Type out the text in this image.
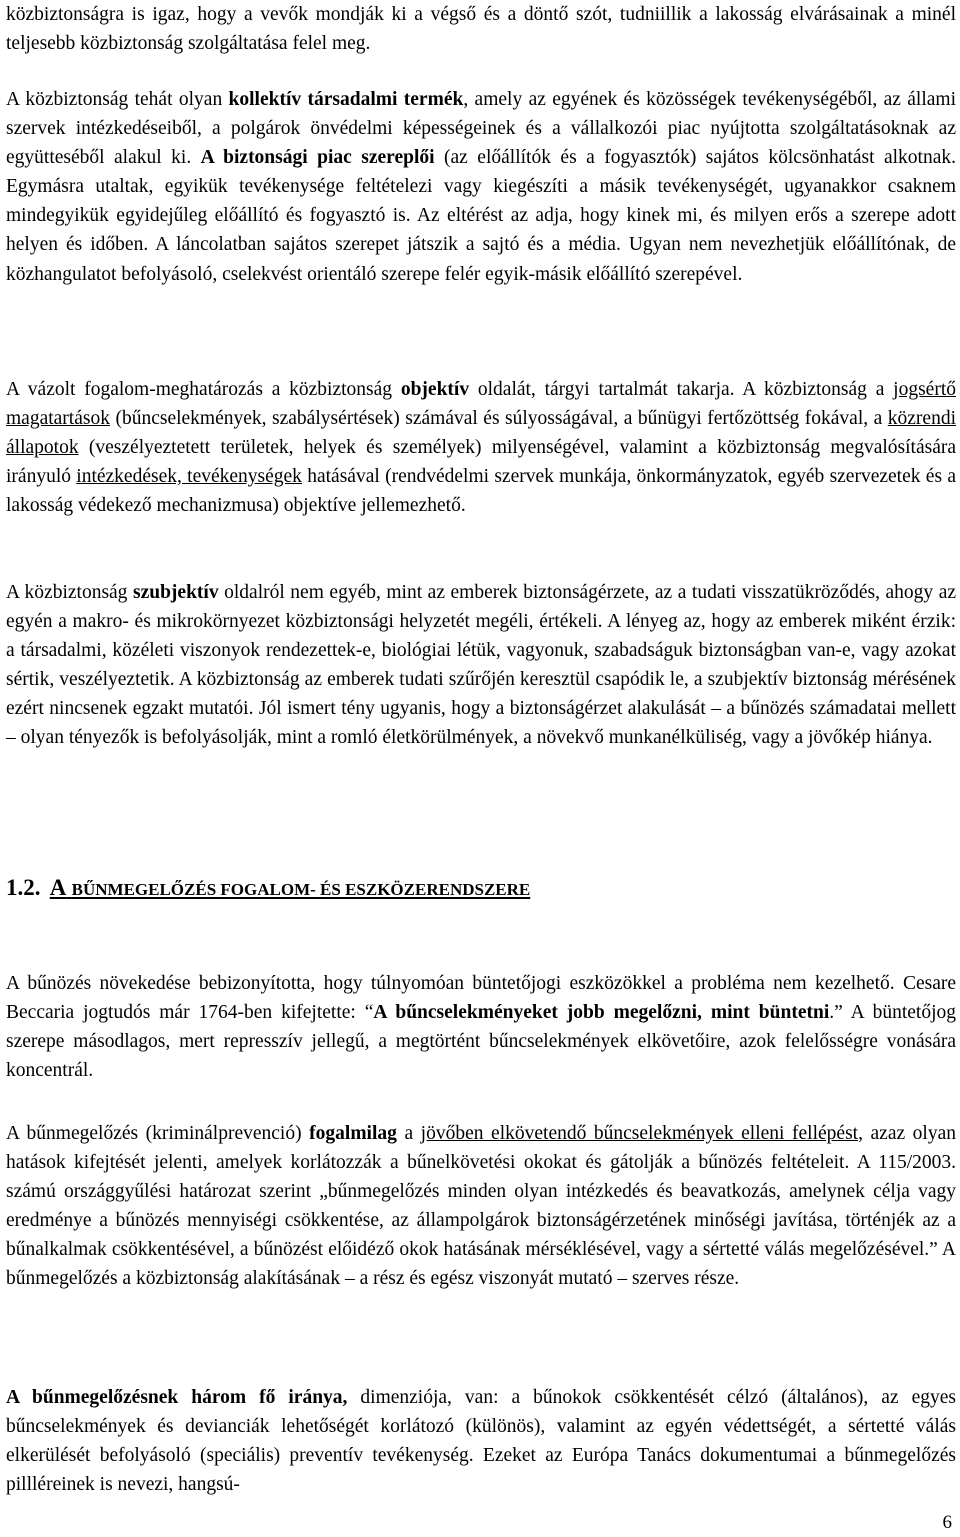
közbiztonságra is igaz, hogy a vevők mondják ki a végső és a döntő szót, tudniillik a lakosság elvárásainak a minél teljesebb közbiztonság szolgáltatása felel meg.

A közbiztonság tehát olyan kollektív társadalmi termék, amely az egyének és közösségek tevékenységéből, az állami szervek intézkedéseiből, a polgárok önvédelmi képességeinek és a vállalkozói piac nyújtotta szolgáltatásoknak az együtteséből alakul ki. A biztonsági piac szereplői (az előállítók és a fogyasztók) sajátos kölcsönhatást alkotnak. Egymásra utaltak, egyikük tevékenysége feltételezi vagy kiegészíti a másik tevékenységét, ugyanakkor csaknem mindegyikük egyidejűleg előállító és fogyasztó is. Az eltérést az adja, hogy kinek mi, és milyen erős a szerepe adott helyen és időben. A láncolatban sajátos szerepet játszik a sajtó és a média. Ugyan nem nevezhetjük előállítónak, de közhangulatot befolyásoló, cselekvést orientáló szerepe felér egyik-másik előállító szerepével.

A vázolt fogalom-meghatározás a közbiztonság objektív oldalát, tárgyi tartalmát takarja. A közbiztonság a jogsértő magatartások (bűncselekmények, szabálysértések) számával és súlyosságával, a bűnügyi fertőzöttség fokával, a közrendi állapotok (veszélyeztetett területek, helyek és személyek) milyenségével, valamint a közbiztonság megvalósítására irányuló intézkedések, tevékenységek hatásával (rendvédelmi szervek munkája, önkormányzatok, egyéb szervezetek és a lakosság védekező mechanizmusa) objektíve jellemezhető.

A közbiztonság szubjektív oldalról nem egyéb, mint az emberek biztonságérzete, az a tudati visszatükröződés, ahogy az egyén a makro- és mikrokörnyezet közbiztonsági helyzetét megéli, értékeli. A lényeg az, hogy az emberek miként érzik: a társadalmi, közéleti viszonyok rendezettek-e, biológiai létük, vagyonuk, szabadságuk biztonságban van-e, vagy azokat sértik, veszélyeztetik. A közbiztonság az emberek tudati szűrőjén keresztül csapódik le, a szubjektív biztonság mérésének ezért nincsenek egzakt mutatói. Jól ismert tény ugyanis, hogy a biztonságérzet alakulását – a bűnözés számadatai mellett – olyan tényezők is befolyásolják, mint a romló életkörülmények, a növekvő munkanélküliség, vagy a jövőkép hiánya.

1.2. A BŰNMEGELŐZÉS FOGALOM- ÉS ESZKÖZERENDSZERE

A bűnözés növekedése bebizonyította, hogy túlnyomóan büntetőjogi eszközökkel a probléma nem kezelhető. Cesare Beccaria jogtudós már 1764-ben kifejtette: “A bűncselekményeket jobb megelőzni, mint büntetni.” A büntetőjog szerepe másodlagos, mert represszív jellegű, a megtörtént bűncselekmények elkövetőire, azok felelősségre vonására koncentrál.

A bűnmegelőzés (kriminálprevenció) fogalmilag a jövőben elkövetendő bűncselekmények elleni fellépést, azaz olyan hatások kifejtését jelenti, amelyek korlátozzák a bűnelkövetési okokat és gátolják a bűnözés feltételeit. A 115/2003. számú országgyűlési határozat szerint „bűnmegelőzés minden olyan intézkedés és beavatkozás, amelynek célja vagy eredménye a bűnözés mennyiségi csökkentése, az állampolgárok biztonságérzetének minőségi javítása, történjék az a bűnalkalmak csökkentésével, a bűnözést előidéző okok hatásának mérséklésével, vagy a sértetté válás megelőzésével.” A bűnmegelőzés a közbiztonság alakításának – a rész és egész viszonyát mutató – szerves része.

A bűnmegelőzésnek három fő iránya, dimenziója, van: a bűnokok csökkentését célzó (általános), az egyes bűncselekmények és devianciák lehetőségét korlátozó (különös), valamint az egyén védettségét, a sértetté válás elkerülését befolyásoló (speciális) preventív tevékenység. Ezeket az Európa Tanács dokumentumai a bűnmegelőzés pillléreinek is nevezi, hangsú-

6
